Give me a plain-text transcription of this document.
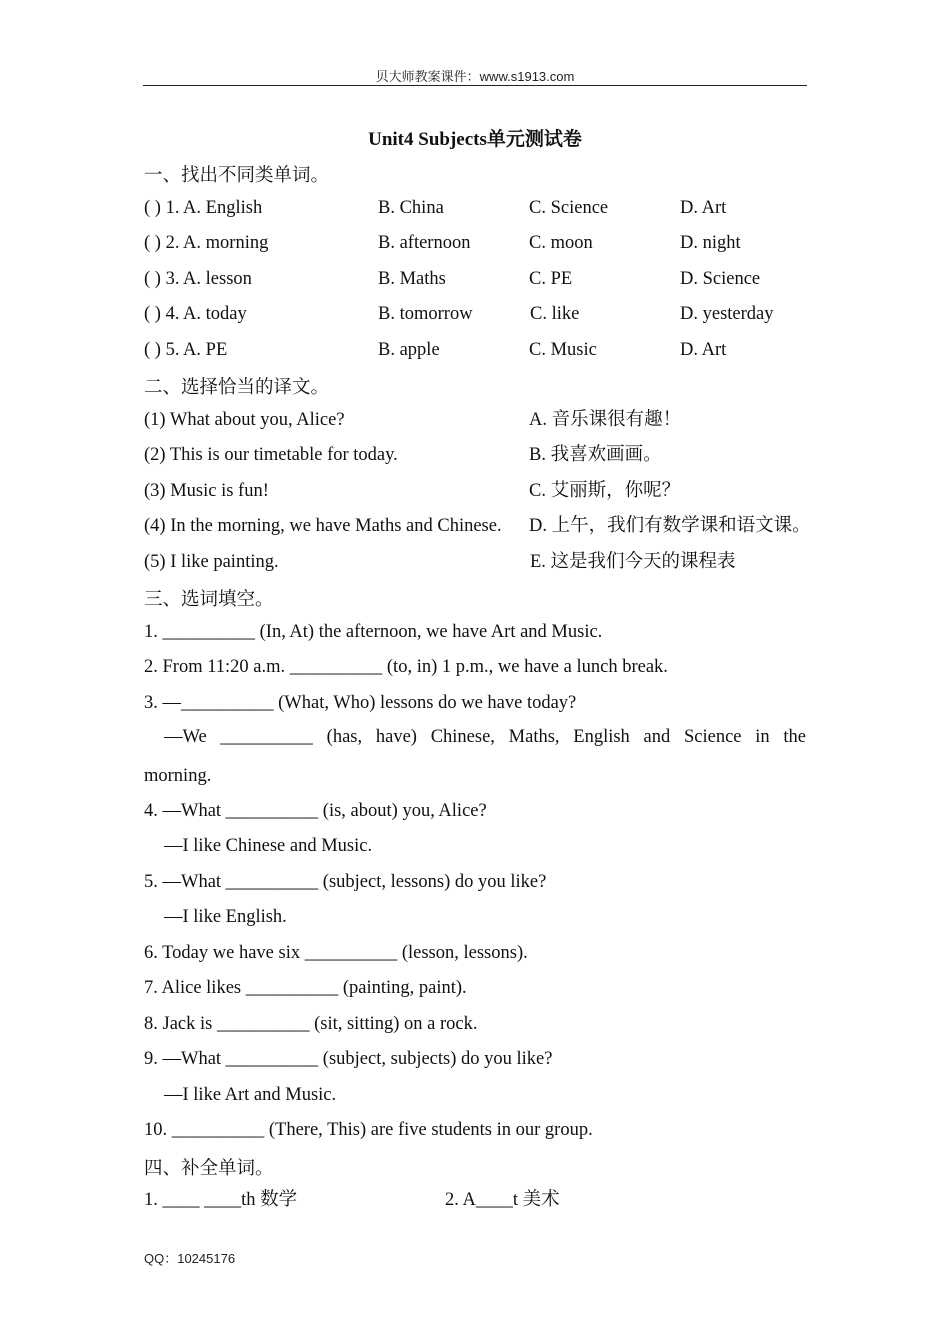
贝大师教案课件：www.s1913.com
Unit4 Subjects单元测试卷
一、找出不同类单词。
( ) 1. A. English	B. China	C. Science	D. Art
( ) 2. A. morning	B. afternoon	C. moon	D. night
( ) 3. A. lesson	B. Maths	C. PE	D. Science
( ) 4. A. today	B. tomorrow	C. like	D. yesterday
( ) 5. A. PE	B. apple	C. Music	D. Art
二、选择恰当的译文。
(1) What about you, Alice?	A. 音乐课很有趣！
(2) This is our timetable for today.	B. 我喜欢画画。
(3) Music is fun!	C. 艾丽斯，你呢？
(4) In the morning, we have Maths and Chinese. D. 上午，我们有数学课和语文课。
(5) I like painting.	E. 这是我们今天的课程表
三、选词填空。
1. __________ (In, At) the afternoon, we have Art and Music.
2. From 11:20 a.m. __________ (to, in) 1 p.m., we have a lunch break.
3. —__________ (What, Who) lessons do we have today?
—We __________ (has, have) Chinese, Maths, English and Science in the
morning.
4. —What __________ (is, about) you, Alice?
—I like Chinese and Music.
5. —What __________ (subject, lessons) do you like?
—I like English.
6. Today we have six __________ (lesson, lessons).
7. Alice likes __________ (painting, paint).
8. Jack is __________ (sit, sitting) on a rock.
9. —What __________ (subject, subjects) do you like?
—I like Art and Music.
10. __________ (There, This) are five students in our group.
四、补全单词。
1. ____ ____th 数学	2. A____t 美术
QQ：10245176
